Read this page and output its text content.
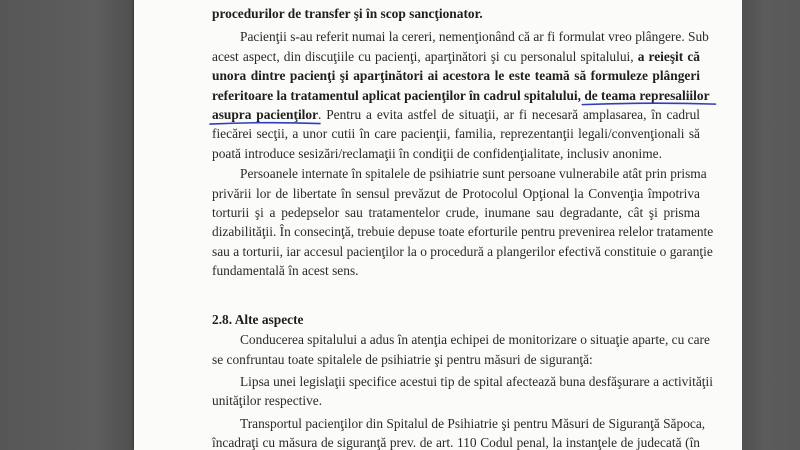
procedurilor de transfer şi în scop sancţionator.

Pacienţii s-au referit numai la cereri, nemenţionând că ar fi formulat vreo plângere. Sub
acest aspect, din discuţiile cu pacienţi, aparţinători şi cu personalul spitalului, a reieşit că
unora dintre pacienţi şi aparţinători ai acestora le este teamă să formuleze plângeri
referitoare la tratamentul aplicat pacienţilor în cadrul spitalului, de teama represaliilor
asupra pacienţilor. Pentru a evita astfel de situaţii, ar fi necesară amplasarea, în cadrul
fiecărei secţii, a unor cutii în care pacienţii, familia, reprezentanţii legali/convenţionali să
poată introduce sesizări/reclamaţii în condiţii de confidenţialitate, inclusiv anonime.

Persoanele internate în spitalele de psihiatrie sunt persoane vulnerabile atât prin prisma
privării lor de libertate în sensul prevăzut de Protocolul Opţional la Convenţia împotriva
torturii şi a pedepselor sau tratamentelor crude, inumane sau degradante, cât şi prisma
dizabilităţii. În consecinţă, trebuie depuse toate eforturile pentru prevenirea relelor tratamente
sau a torturii, iar accesul pacienţilor la o procedură a plangerilor efectivă constituie o garanţie
fundamentală în acest sens.

2.8. Alte aspecte

Conducerea spitalului a adus în atenţia echipei de monitorizare o situaţie aparte, cu care
se confruntau toate spitalele de psihiatrie şi pentru măsuri de siguranţă:

Lipsa unei legislaţii specifice acestui tip de spital afectează buna desfăşurare a activităţii
unităţilor respective.

Transportul pacienţilor din Spitalul de Psihiatrie şi pentru Măsuri de Siguranţă Săpoca,
încadraţi cu măsura de siguranţă prev. de art. 110 Codul penal, la instanţele de judecată (în
